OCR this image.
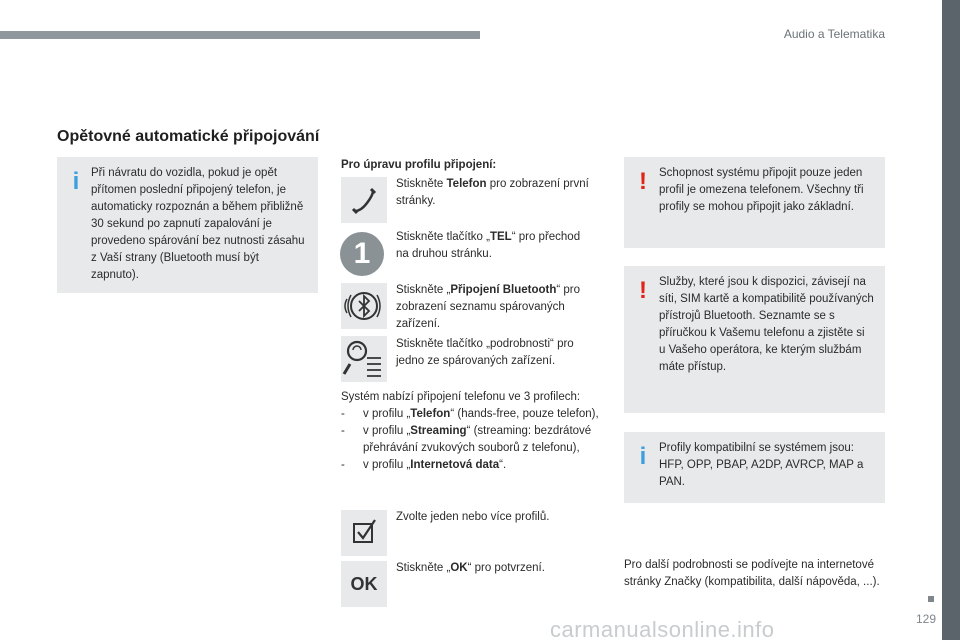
Audio a Telematika
129
carmanualsonline.info
Opětovné automatické připojování
i	Při návratu do vozidla, pokud je opět přítomen poslední připojený telefon, je automaticky rozpoznán a během přibližně 30 sekund po zapnutí zapalování je provedeno spárování bez nutnosti zásahu z Vaší strany (Bluetooth musí být zapnuto).
Pro úpravu profilu připojení:
Stiskněte Telefon pro zobrazení první stránky.
1	Stiskněte tlačítko „TEL“ pro přechod na druhou stránku.
Stiskněte „Připojení Bluetooth“ pro zobrazení seznamu spárovaných zařízení.
Stiskněte tlačítko „podrobnosti“ pro jedno ze spárovaných zařízení.
Systém nabízí připojení telefonu ve 3 profilech:
- v profilu „Telefon“ (hands-free, pouze telefon),
- v profilu „Streaming“ (streaming: bezdrátové přehrávání zvukových souborů z telefonu),
- v profilu „Internetová data“.
Zvolte jeden nebo více profilů.
OK
Stiskněte „OK“ pro potvrzení.
!	Schopnost systému připojit pouze jeden profil je omezena telefonem. Všechny tři profily se mohou připojit jako základní.
!	Služby, které jsou k dispozici, závisejí na síti, SIM kartě a kompatibilitě používaných přístrojů Bluetooth. Seznamte se s příručkou k Vašemu telefonu a zjistěte si u Vašeho operátora, ke kterým službám máte přístup.
i	Profily kompatibilní se systémem jsou: HFP, OPP, PBAP, A2DP, AVRCP, MAP a PAN.
Pro další podrobnosti se podívejte na internetové stránky Značky (kompatibilita, další nápověda, ...).
